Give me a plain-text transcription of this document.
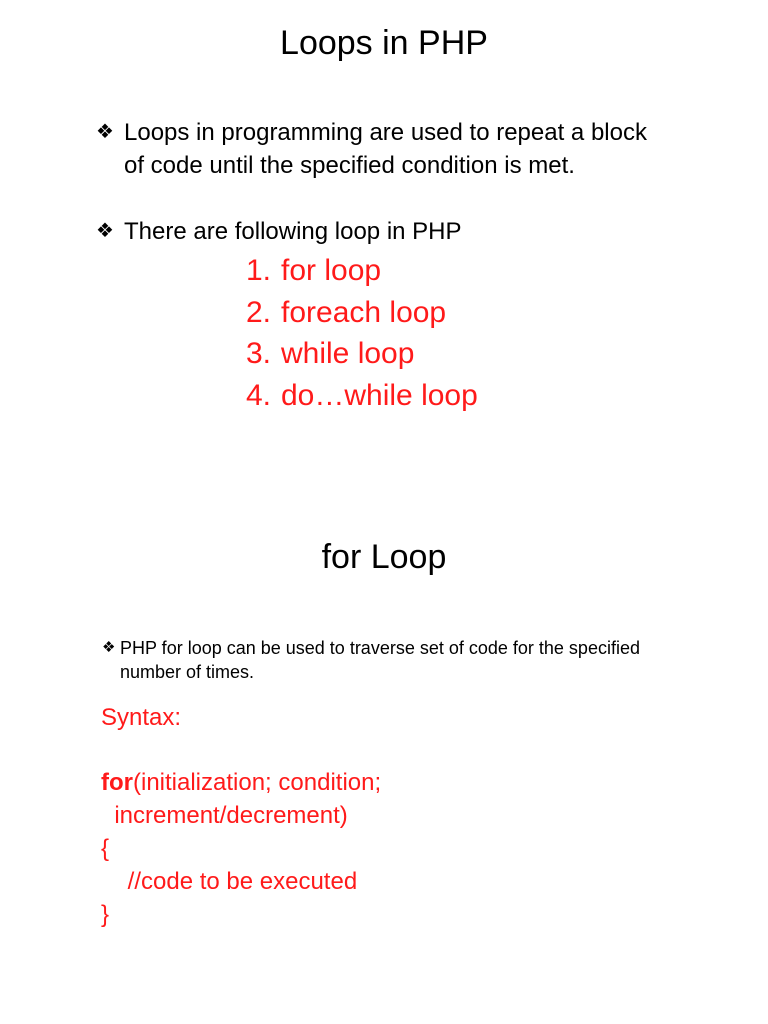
Loops in PHP
❖ Loops in programming are used to repeat a block of code until the specified condition is met.
❖ There are following loop in PHP
1. for loop
2. foreach loop
3. while loop
4. do…while loop
for Loop
❖ PHP for loop can be used to traverse set of code for the specified number of times.
Syntax:
for(initialization; condition;
increment/decrement)
{
//code to be executed
}
